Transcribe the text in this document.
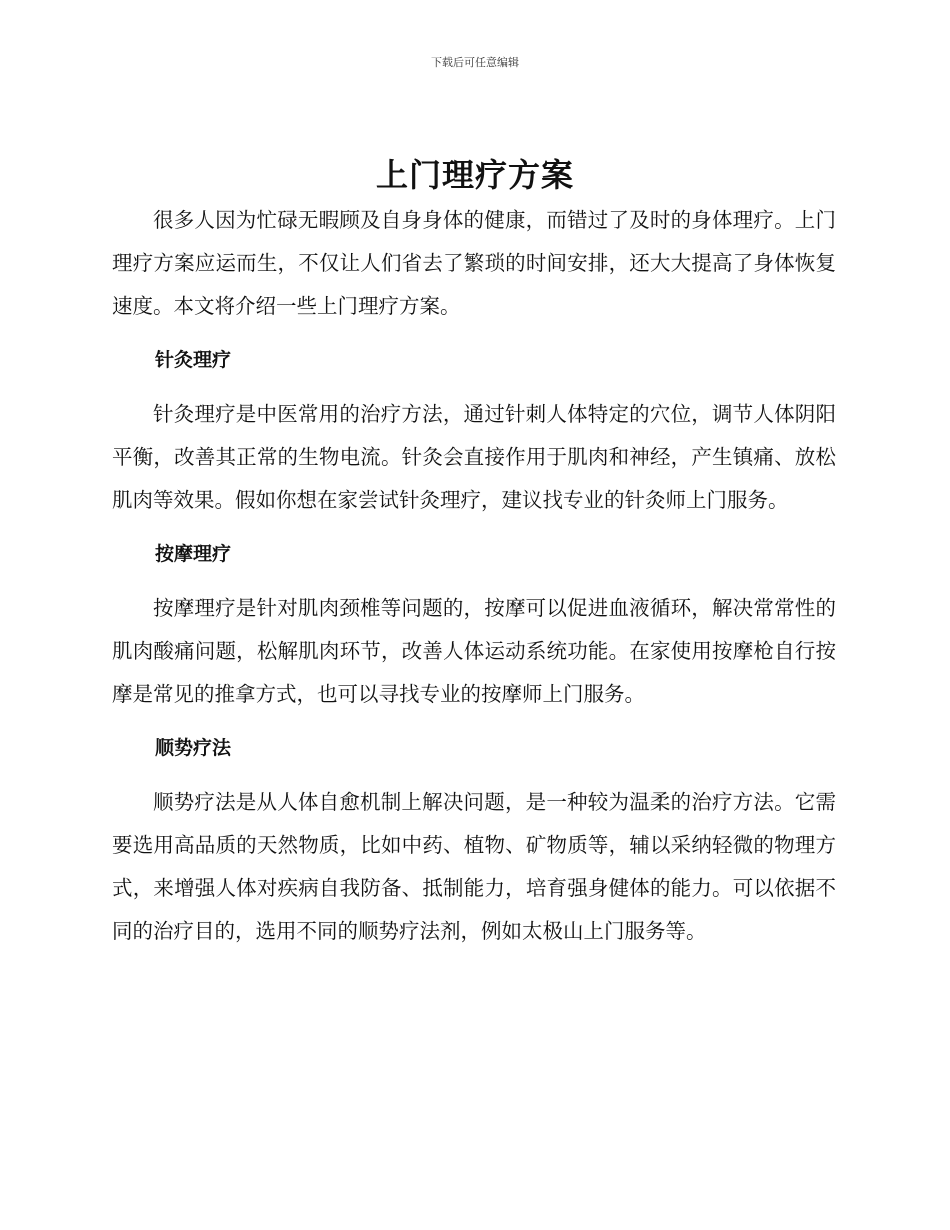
下载后可任意编辑
上门理疗方案

很多人因为忙碌无暇顾及自身身体的健康，而错过了及时的身体理疗。上门理疗方案应运而生，不仅让人们省去了繁琐的时间安排，还大大提高了身体恢复速度。本文将介绍一些上门理疗方案。

针灸理疗

针灸理疗是中医常用的治疗方法，通过针刺人体特定的穴位，调节人体阴阳平衡，改善其正常的生物电流。针灸会直接作用于肌肉和神经，产生镇痛、放松肌肉等效果。假如你想在家尝试针灸理疗，建议找专业的针灸师上门服务。

按摩理疗

按摩理疗是针对肌肉颈椎等问题的，按摩可以促进血液循环，解决常常性的肌肉酸痛问题，松解肌肉环节，改善人体运动系统功能。在家使用按摩枪自行按摩是常见的推拿方式，也可以寻找专业的按摩师上门服务。

顺势疗法

顺势疗法是从人体自愈机制上解决问题，是一种较为温柔的治疗方法。它需要选用高品质的天然物质，比如中药、植物、矿物质等，辅以采纳轻微的物理方式，来增强人体对疾病自我防备、抵制能力，培育强身健体的能力。可以依据不同的治疗目的，选用不同的顺势疗法剂，例如太极山上门服务等。
